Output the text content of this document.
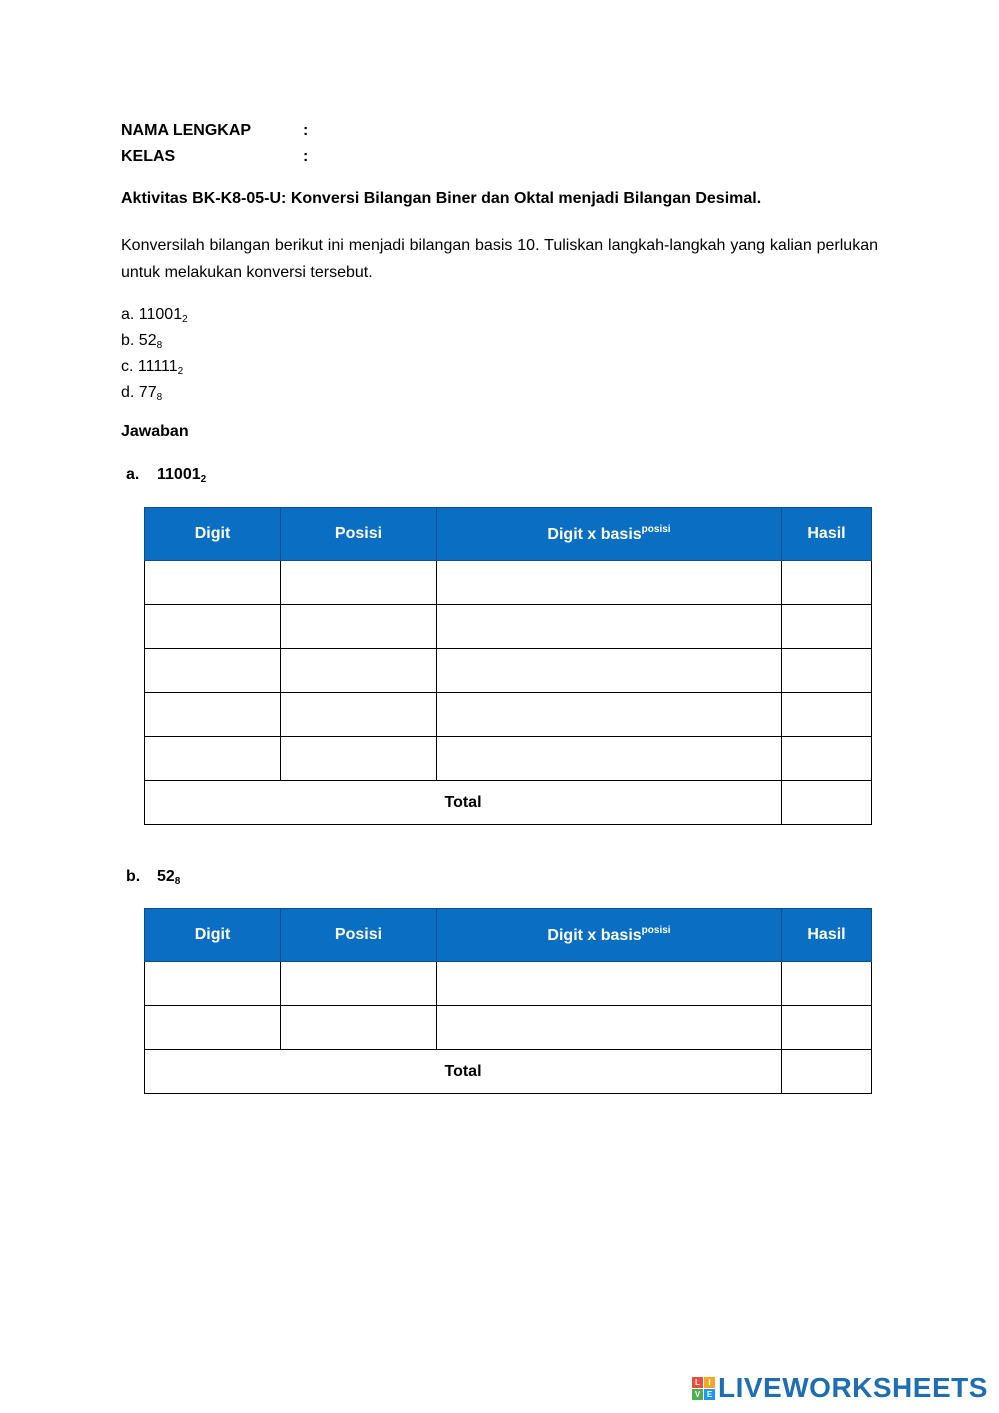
NAMA LENGKAP	:
KELAS	:
Aktivitas BK-K8-05-U: Konversi Bilangan Biner dan Oktal menjadi Bilangan Desimal.
Konversilah bilangan berikut ini menjadi bilangan basis 10. Tuliskan langkah‐langkah yang kalian perlukan untuk melakukan konversi tersebut.
a. $11001_2$
b. $52_8$
c. $11111_2$
d. $77_8$
Jawaban
a. $11001_2$
Digit	Posisi	Digit x basis$^{posisi}$	Hasil

Total			
b. $52_8$
Digit	Posisi	Digit x basis$^{posisi}$	Hasil

Total			
L	I
V E LIVEWORKSHEETS
